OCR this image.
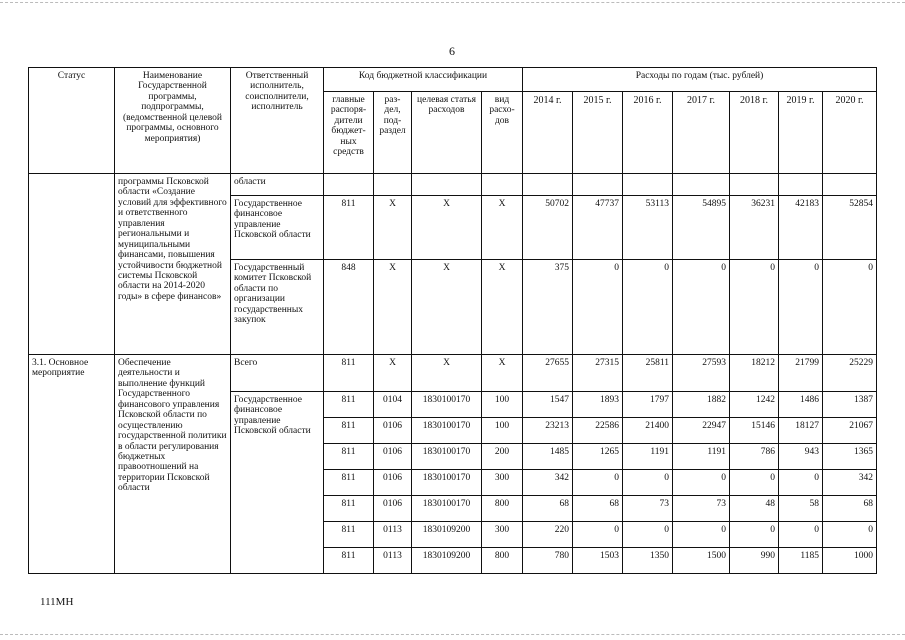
6
Статус	Наименование Государственной программы, подпрограммы, (ведомственной целевой программы, основного мероприятия)	Ответственный исполнитель, соисполнители, исполнитель	Код бюджетной классификации				Расходы по годам (тыс. рублей)						
			главные распоря-дители бюджет-ных средств	раз-дел, под-раздел	целевая статья расходов	вид расхо-дов	2014 г.	2015 г.	2016 г.	2017 г.	2018 г.	2019 г.	2020 г.
	программы Псковской области «Создание условий для эффективного и ответственного управления региональными и муниципальными финансами, повышения устойчивости бюджетной системы Псковской области на 2014-2020 годы» в сфере финансов»	области											
		Государственное финансовое управление Псковской области	811	X	X	X	50702	47737	53113	54895	36231	42183	52854
		Государственный комитет Псковской области по организации государственных закупок	848	X	X	X	375	0	0	0	0	0	0
3.1. Основное мероприятие	Обеспечение деятельности и выполнение функций Государственного финансового управления Псковской области по осуществлению государственной политики в области регулирования бюджетных правоотношений на территории Псковской области	Всего	811	X	X	X	27655	27315	25811	27593	18212	21799	25229
		Государственное финансовое управление Псковской области	811	0104	1830100170	100	1547	1893	1797	1882	1242	1486	1387
			811	0106	1830100170	100	23213	22586	21400	22947	15146	18127	21067
			811	0106	1830100170	200	1485	1265	1191	1191	786	943	1365
			811	0106	1830100170	300	342	0	0	0	0	0	342
			811	0106	1830100170	800	68	68	73	73	48	58	68
			811	0113	1830109200	300	220	0	0	0	0	0	0
			811	0113	1830109200	800	780	1503	1350	1500	990	1185	1000
111МН
